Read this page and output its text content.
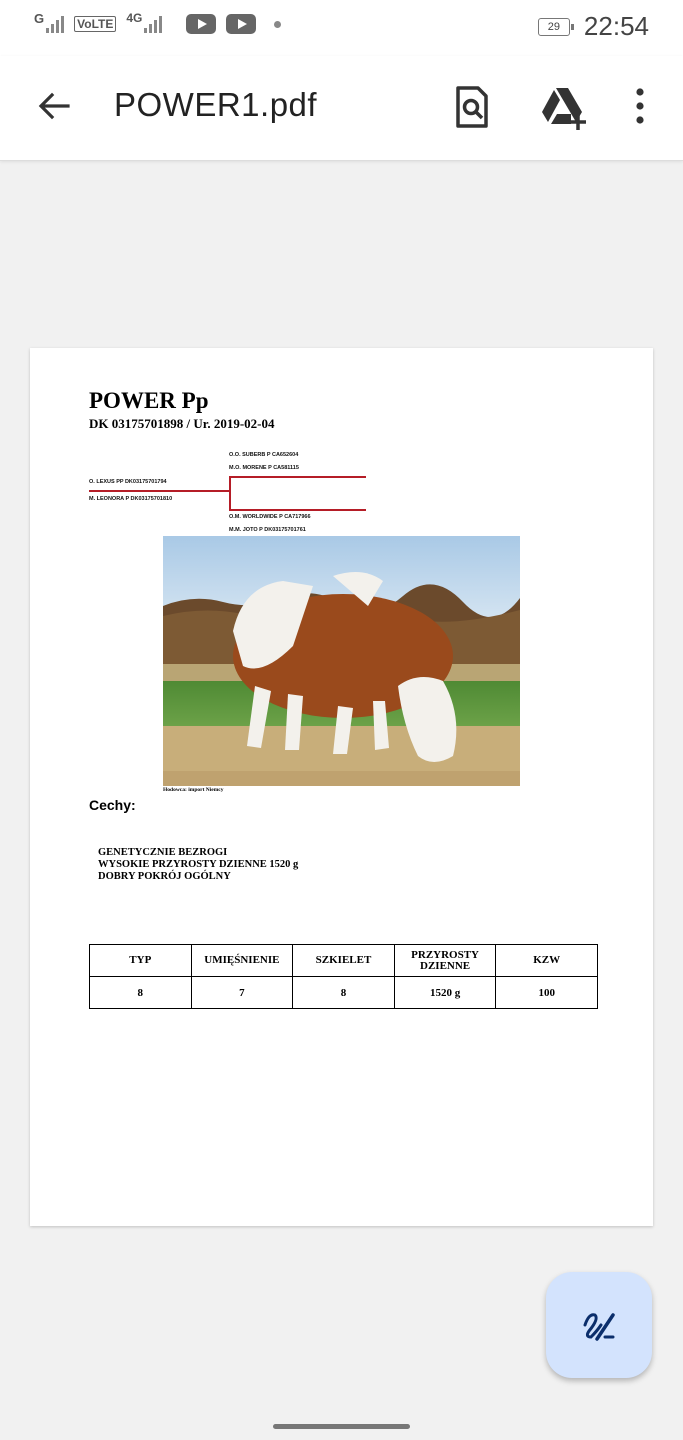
G	VoLTE 4G
29 22:54
POWER1.pdf
POWER Pp
DK 03175701898 / Ur. 2019-02-04
O.O. SUBERB P CA652604
M.O. MORENE P CA581115
O. LEXUS PP DK03175701794
M. LEONORA P DK03175701810
O.M. WORLDWIDE P CA717966
M.M. JOTO P DK03175701761
Hodowca: import Niemcy
Cechy:
GENETYCZNIE BEZROGI
WYSOKIE PRZYROSTY DZIENNE 1520 g
DOBRY POKRÓJ OGÓLNY
TYP	UMIĘŚNIENIE	SZKIELET	PRZYROSTY DZIENNE	KZW
8	7	8	1520 g	100
